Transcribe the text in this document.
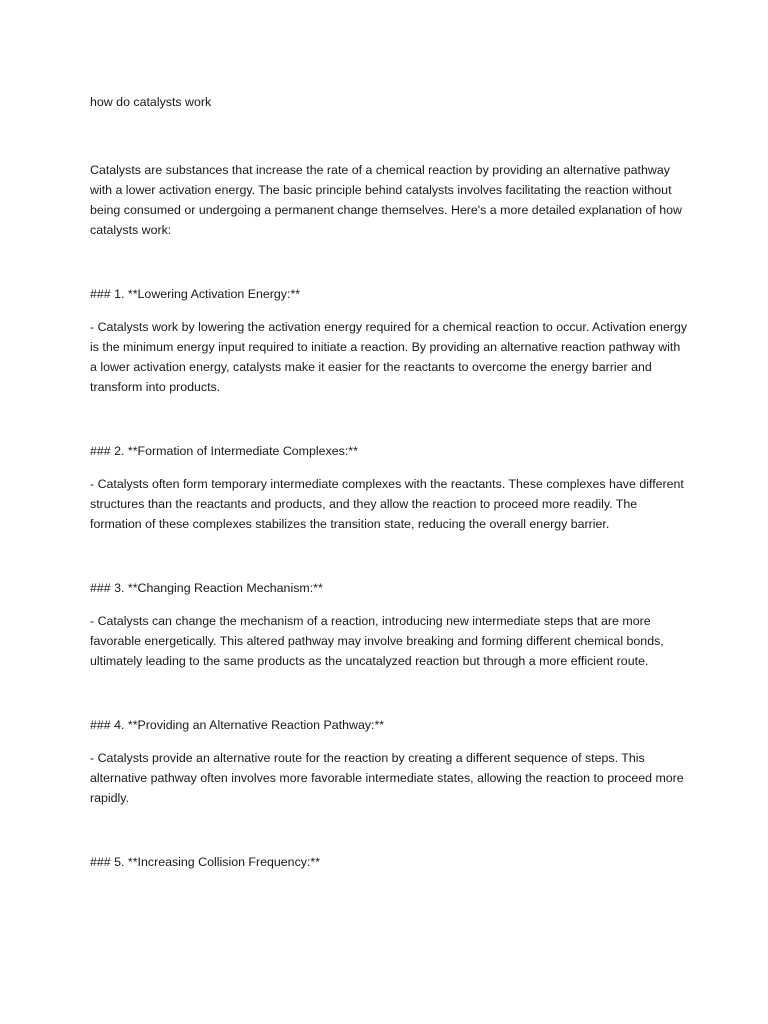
how do catalysts work

Catalysts are substances that increase the rate of a chemical reaction by providing an alternative pathway with a lower activation energy. The basic principle behind catalysts involves facilitating the reaction without being consumed or undergoing a permanent change themselves. Here's a more detailed explanation of how catalysts work:

### 1. **Lowering Activation Energy:**

- Catalysts work by lowering the activation energy required for a chemical reaction to occur. Activation energy is the minimum energy input required to initiate a reaction. By providing an alternative reaction pathway with a lower activation energy, catalysts make it easier for the reactants to overcome the energy barrier and transform into products.

### 2. **Formation of Intermediate Complexes:**

- Catalysts often form temporary intermediate complexes with the reactants. These complexes have different structures than the reactants and products, and they allow the reaction to proceed more readily. The formation of these complexes stabilizes the transition state, reducing the overall energy barrier.

### 3. **Changing Reaction Mechanism:**

- Catalysts can change the mechanism of a reaction, introducing new intermediate steps that are more favorable energetically. This altered pathway may involve breaking and forming different chemical bonds, ultimately leading to the same products as the uncatalyzed reaction but through a more efficient route.

### 4. **Providing an Alternative Reaction Pathway:**

- Catalysts provide an alternative route for the reaction by creating a different sequence of steps. This alternative pathway often involves more favorable intermediate states, allowing the reaction to proceed more rapidly.

### 5. **Increasing Collision Frequency:**
